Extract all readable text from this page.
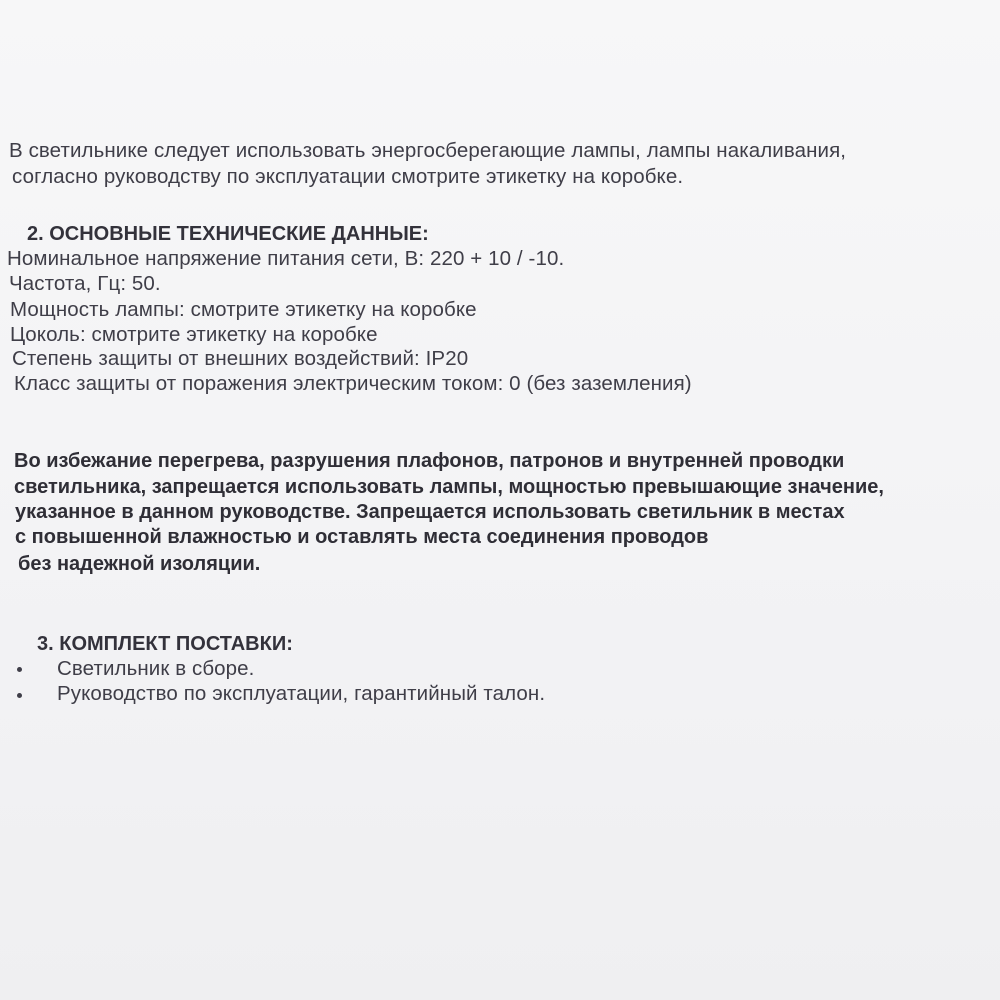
В светильнике следует использовать энергосберегающие лампы, лампы накаливания,
согласно руководству по эксплуатации смотрите этикетку на коробке.
2. ОСНОВНЫЕ ТЕХНИЧЕСКИЕ ДАННЫЕ:
Номинальное напряжение питания сети, В: 220 + 10 / -10.
Частота, Гц: 50.
Мощность лампы: смотрите этикетку на коробке
Цоколь: смотрите этикетку на коробке
Степень защиты от внешних воздействий: IP20
Класс защиты от поражения электрическим током: 0 (без заземления)
Во избежание перегрева, разрушения плафонов, патронов и внутренней проводки
светильника, запрещается использовать лампы, мощностью превышающие значение,
указанное в данном руководстве. Запрещается использовать светильник в местах
с повышенной влажностью и оставлять места соединения проводов
без надежной изоляции.
3. КОМПЛЕКТ ПОСТАВКИ:
Светильник в сборе.
Руководство по эксплуатации, гарантийный талон.
